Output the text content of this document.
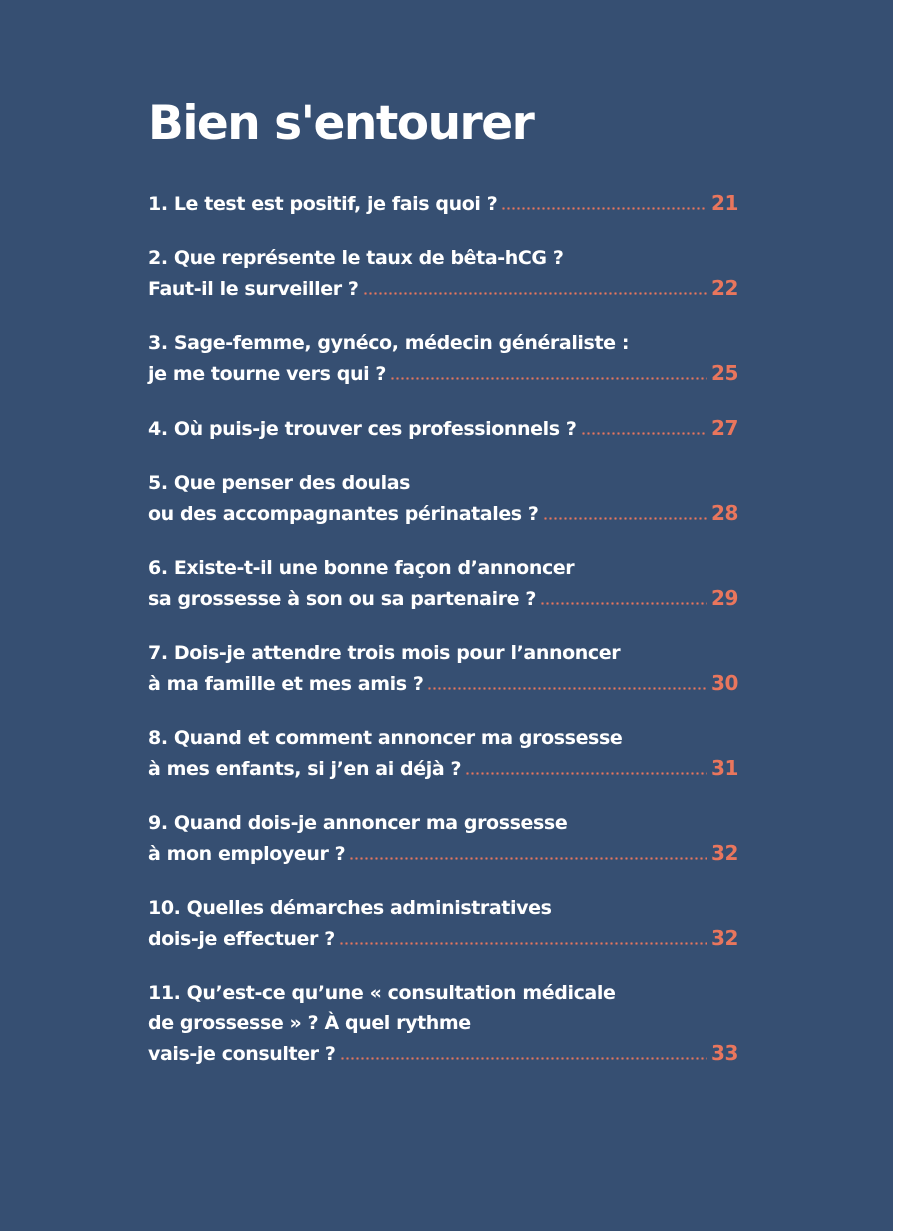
Bien s'entourer
1. Le test est positif, je fais quoi ?	21
2. Que représente le taux de bêta-hCG ?
Faut-il le surveiller ?	22
3. Sage-femme, gynéco, médecin généraliste :
je me tourne vers qui ?	25
4. Où puis-je trouver ces professionnels ?	27
5. Que penser des doulas
ou des accompagnantes périnatales ?	28
6. Existe-t-il une bonne façon d’annoncer
sa grossesse à son ou sa partenaire ?	29
7. Dois-je attendre trois mois pour l’annoncer
à ma famille et mes amis ?	30
8. Quand et comment annoncer ma grossesse
à mes enfants, si j’en ai déjà ?	31
9. Quand dois-je annoncer ma grossesse
à mon employeur ?	32
10. Quelles démarches administratives
dois-je effectuer ?	32
11. Qu’est-ce qu’une « consultation médicale
de grossesse » ? À quel rythme
vais-je consulter ?	33
